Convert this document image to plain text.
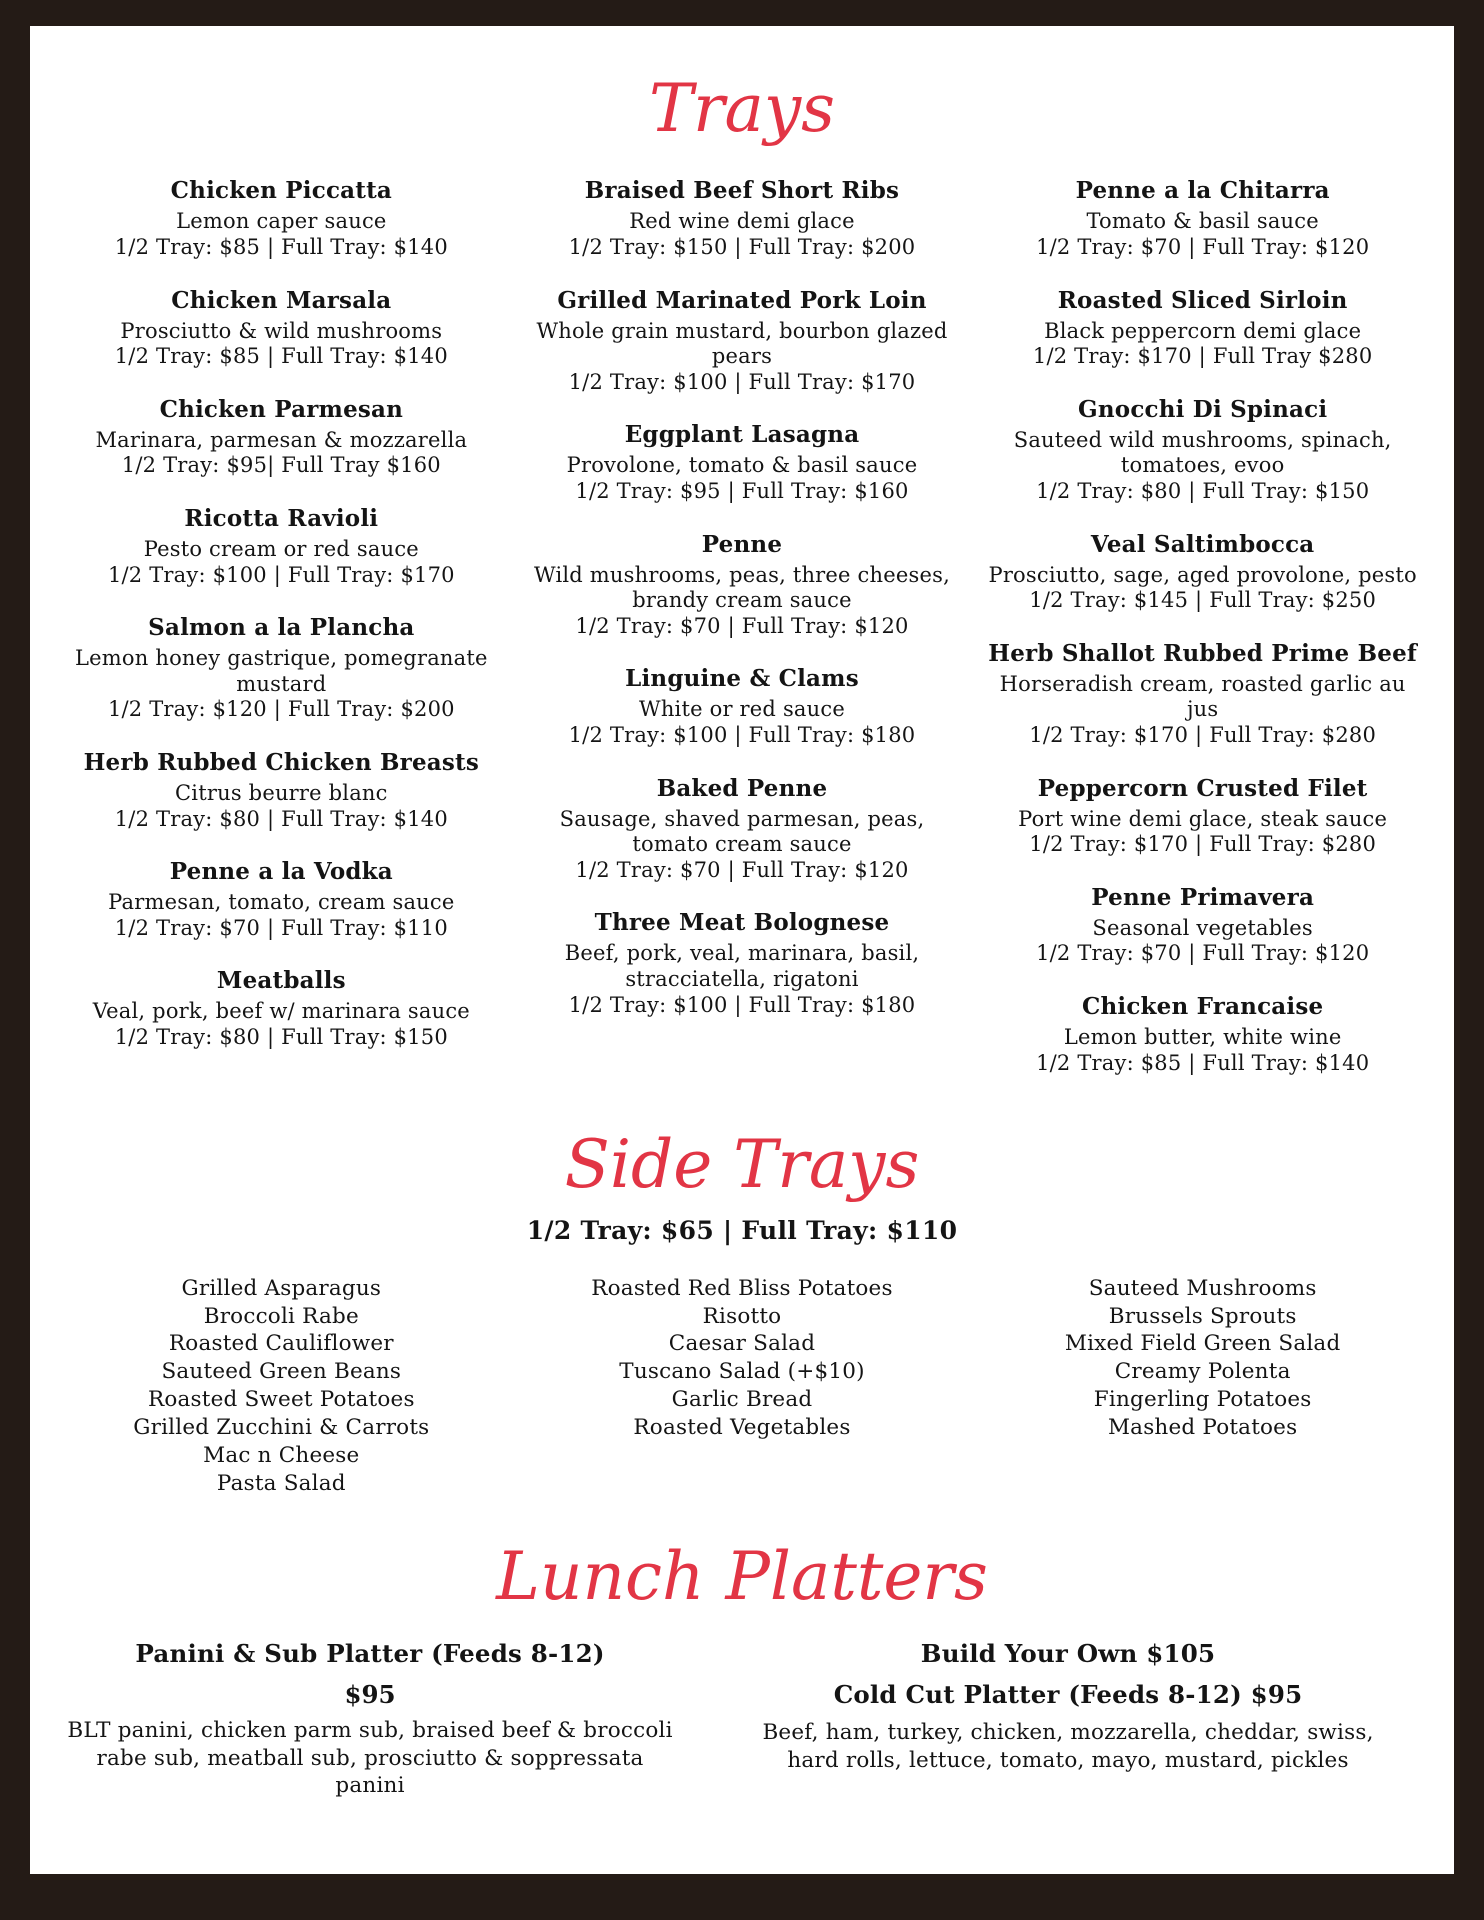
Trays
Chicken Piccatta
Lemon caper sauce
1/2 Tray: $85 | Full Tray: $140
Chicken Marsala
Prosciutto & wild mushrooms
1/2 Tray: $85 | Full Tray: $140
Chicken Parmesan
Marinara, parmesan & mozzarella
1/2 Tray: $95| Full Tray $160
Ricotta Ravioli
Pesto cream or red sauce
1/2 Tray: $100 | Full Tray: $170
Salmon a la Plancha
Lemon honey gastrique, pomegranate mustard
1/2 Tray: $120 | Full Tray: $200
Herb Rubbed Chicken Breasts
Citrus beurre blanc
1/2 Tray: $80 | Full Tray: $140
Penne a la Vodka
Parmesan, tomato, cream sauce
1/2 Tray: $70 | Full Tray: $110
Meatballs
Veal, pork, beef w/ marinara sauce
1/2 Tray: $80 | Full Tray: $150
Braised Beef Short Ribs
Red wine demi glace
1/2 Tray: $150 | Full Tray: $200
Grilled Marinated Pork Loin
Whole grain mustard, bourbon glazed pears
1/2 Tray: $100 | Full Tray: $170
Eggplant Lasagna
Provolone, tomato & basil sauce
1/2 Tray: $95 | Full Tray: $160
Penne
Wild mushrooms, peas, three cheeses, brandy cream sauce
1/2 Tray: $70 | Full Tray: $120
Linguine & Clams
White or red sauce
1/2 Tray: $100 | Full Tray: $180
Baked Penne
Sausage, shaved parmesan, peas, tomato cream sauce
1/2 Tray: $70 | Full Tray: $120
Three Meat Bolognese
Beef, pork, veal, marinara, basil, stracciatella, rigatoni
1/2 Tray: $100 | Full Tray: $180
Penne a la Chitarra
Tomato & basil sauce
1/2 Tray: $70 | Full Tray: $120
Roasted Sliced Sirloin
Black peppercorn demi glace
1/2 Tray: $170 | Full Tray $280
Gnocchi Di Spinaci
Sauteed wild mushrooms, spinach, tomatoes, evoo
1/2 Tray: $80 | Full Tray: $150
Veal Saltimbocca
Prosciutto, sage, aged provolone, pesto
1/2 Tray: $145 | Full Tray: $250
Herb Shallot Rubbed Prime Beef
Horseradish cream, roasted garlic au jus
1/2 Tray: $170 | Full Tray: $280
Peppercorn Crusted Filet
Port wine demi glace, steak sauce
1/2 Tray: $170 | Full Tray: $280
Penne Primavera
Seasonal vegetables
1/2 Tray: $70 | Full Tray: $120
Chicken Francaise
Lemon butter, white wine
1/2 Tray: $85 | Full Tray: $140
Side Trays
1/2 Tray: $65 | Full Tray: $110
Grilled Asparagus
Broccoli Rabe
Roasted Cauliflower
Sauteed Green Beans
Roasted Sweet Potatoes
Grilled Zucchini & Carrots
Mac n Cheese
Pasta Salad
Roasted Red Bliss Potatoes
Risotto
Caesar Salad
Tuscano Salad (+$10)
Garlic Bread
Roasted Vegetables
Sauteed Mushrooms
Brussels Sprouts
Mixed Field Green Salad
Creamy Polenta
Fingerling Potatoes
Mashed Potatoes
Lunch Platters
Panini & Sub Platter (Feeds 8-12)
$95
BLT panini, chicken parm sub, braised beef & broccoli rabe sub, meatball sub, prosciutto & soppressata panini
Build Your Own $105
Cold Cut Platter (Feeds 8-12) $95
Beef, ham, turkey, chicken, mozzarella, cheddar, swiss, hard rolls, lettuce, tomato, mayo, mustard, pickles
